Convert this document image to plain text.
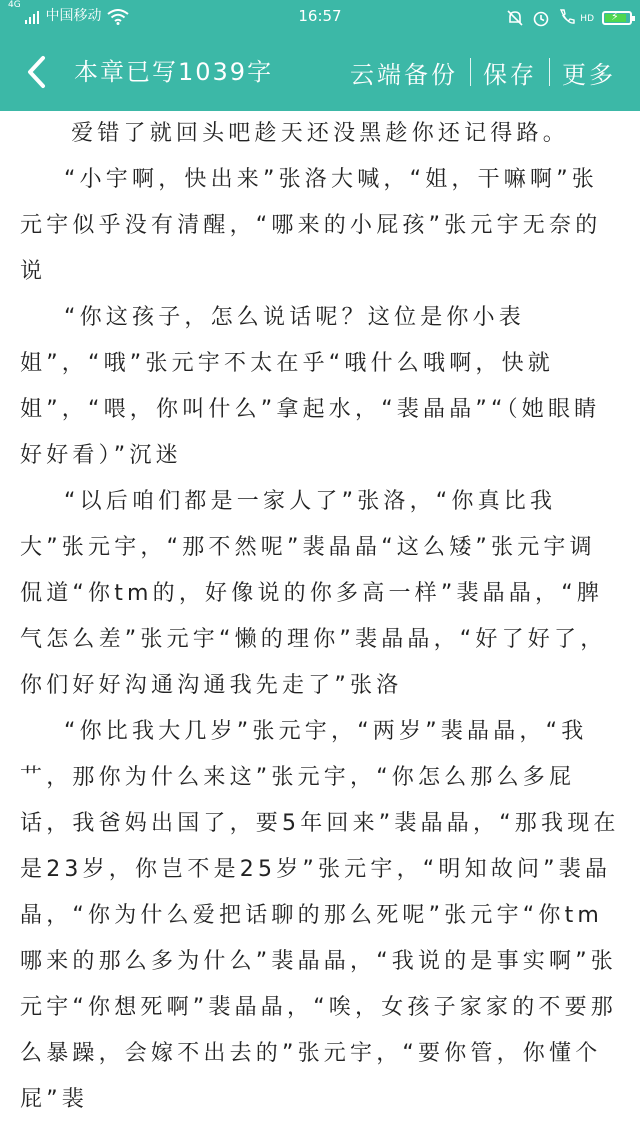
$^{4G}$
中国移动	16:57	HD ⚡
本章已写1039字	云端备份	保存	更多
爱错了就回头吧趁天还没黑趁你还记得路。

“小宇啊，快出来”张洛大喊，“姐，干嘛啊”张元宇似乎没有清醒，“哪来的小屁孩”张元宇无奈的说

“你这孩子，怎么说话呢？这位是你小表姐”，“哦”张元宇不太在乎“哦什么哦啊，快就姐”，“喂，你叫什么”拿起水，“裴晶晶”“（她眼睛好好看）”沉迷

“以后咱们都是一家人了”张洛，“你真比我大”张元宇，“那不然呢”裴晶晶“这么矮”张元宇调侃道“你tm的，好像说的你多高一样”裴晶晶，“脾气怎么差”张元宇“懒的理你”裴晶晶，“好了好了，你们好好沟通沟通我先走了”张洛

“你比我大几岁”张元宇，“两岁”裴晶晶，“我艹，那你为什么来这”张元宇，“你怎么那么多屁话，我爸妈出国了，要5年回来”裴晶晶，“那我现在是23岁，你岂不是25岁”张元宇，“明知故问”裴晶晶，“你为什么爱把话聊的那么死呢”张元宇“你tm哪来的那么多为什么”裴晶晶，“我说的是事实啊”张元宇“你想死啊”裴晶晶，“唉，女孩子家家的不要那么暴躁，会嫁不出去的”张元宇，“要你管，你懂个屁”裴
